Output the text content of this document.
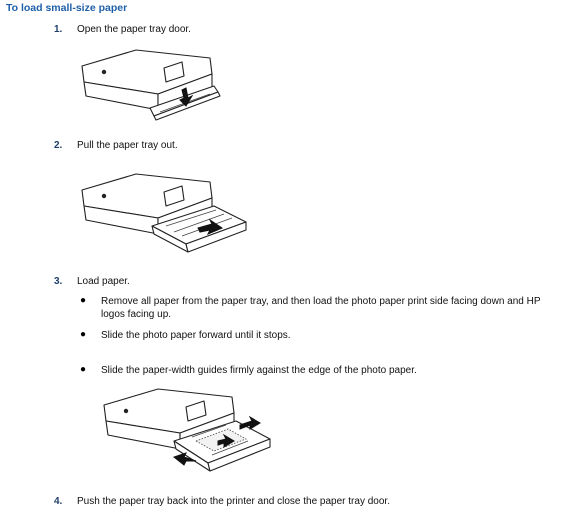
To load small-size paper
1. Open the paper tray door.
2. Pull the paper tray out.
3. Load paper.
● Remove all paper from the paper tray, and then load the photo paper print side facing down and HP logos facing up.
● Slide the photo paper forward until it stops.
● Slide the paper-width guides firmly against the edge of the photo paper.
4. Push the paper tray back into the printer and close the paper tray door.
